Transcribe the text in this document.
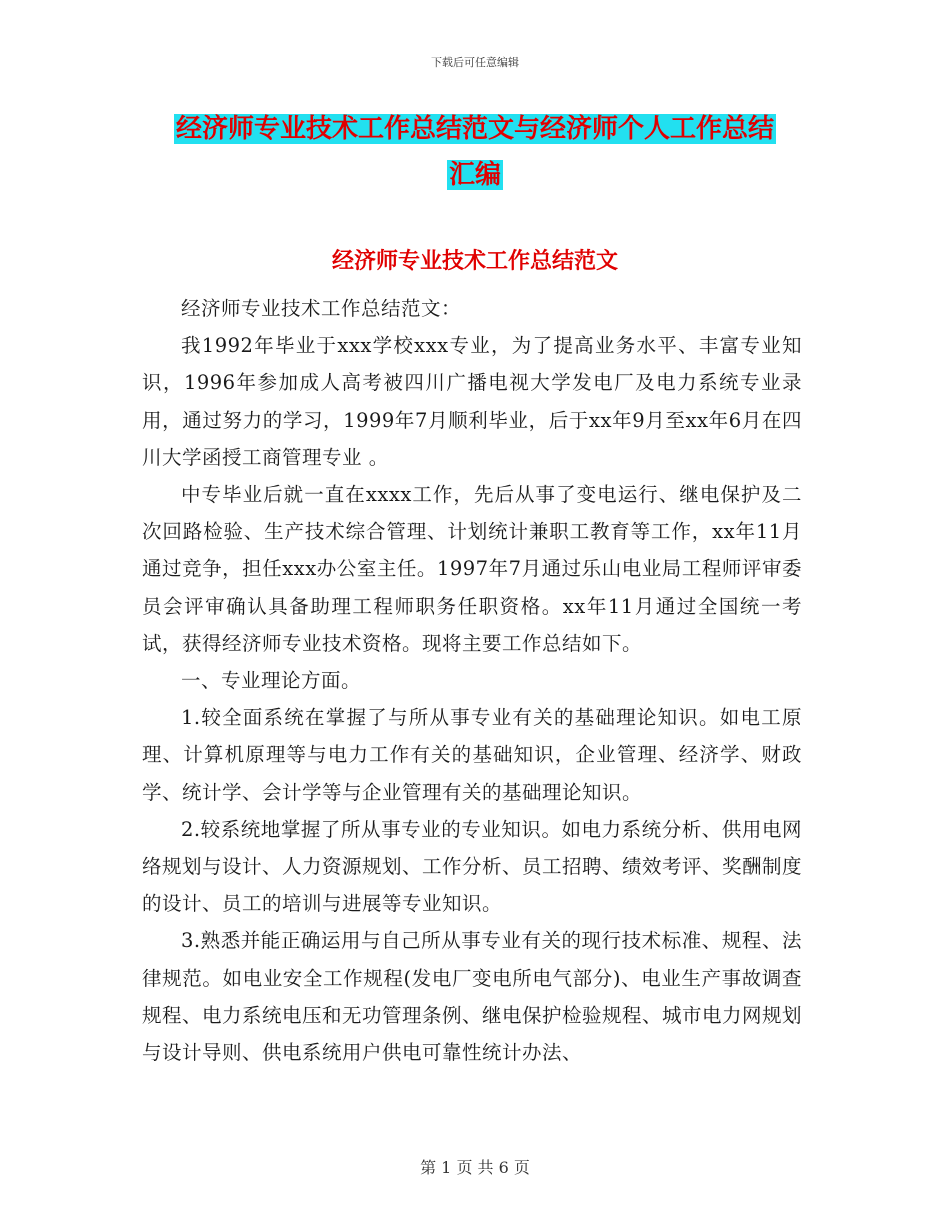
下载后可任意编辑
经济师专业技术工作总结范文与经济师个人工作总结
汇编
经济师专业技术工作总结范文

经济师专业技术工作总结范文：

我1992年毕业于xxx学校xxx专业，为了提高业务水平、丰富专业知识，1996年参加成人高考被四川广播电视大学发电厂及电力系统专业录用，通过努力的学习，1999年7月顺利毕业，后于xx年9月至xx年6月在四川大学函授工商管理专业 。

中专毕业后就一直在xxxx工作，先后从事了变电运行、继电保护及二次回路检验、生产技术综合管理、计划统计兼职工教育等工作，xx年11月通过竞争，担任xxx办公室主任。1997年7月通过乐山电业局工程师评审委员会评审确认具备助理工程师职务任职资格。xx年11月通过全国统一考试，获得经济师专业技术资格。现将主要工作总结如下。

一、专业理论方面。

1.较全面系统在掌握了与所从事专业有关的基础理论知识。如电工原理、计算机原理等与电力工作有关的基础知识，企业管理、经济学、财政学、统计学、会计学等与企业管理有关的基础理论知识。

2.较系统地掌握了所从事专业的专业知识。如电力系统分析、供用电网络规划与设计、人力资源规划、工作分析、员工招聘、绩效考评、奖酬制度的设计、员工的培训与进展等专业知识。

3.熟悉并能正确运用与自己所从事专业有关的现行技术标准、规程、法律规范。如电业安全工作规程(发电厂变电所电气部分)、电业生产事故调查规程、电力系统电压和无功管理条例、继电保护检验规程、城市电力网规划与设计导则、供电系统用户供电可靠性统计办法、

第 1 页 共 6 页
